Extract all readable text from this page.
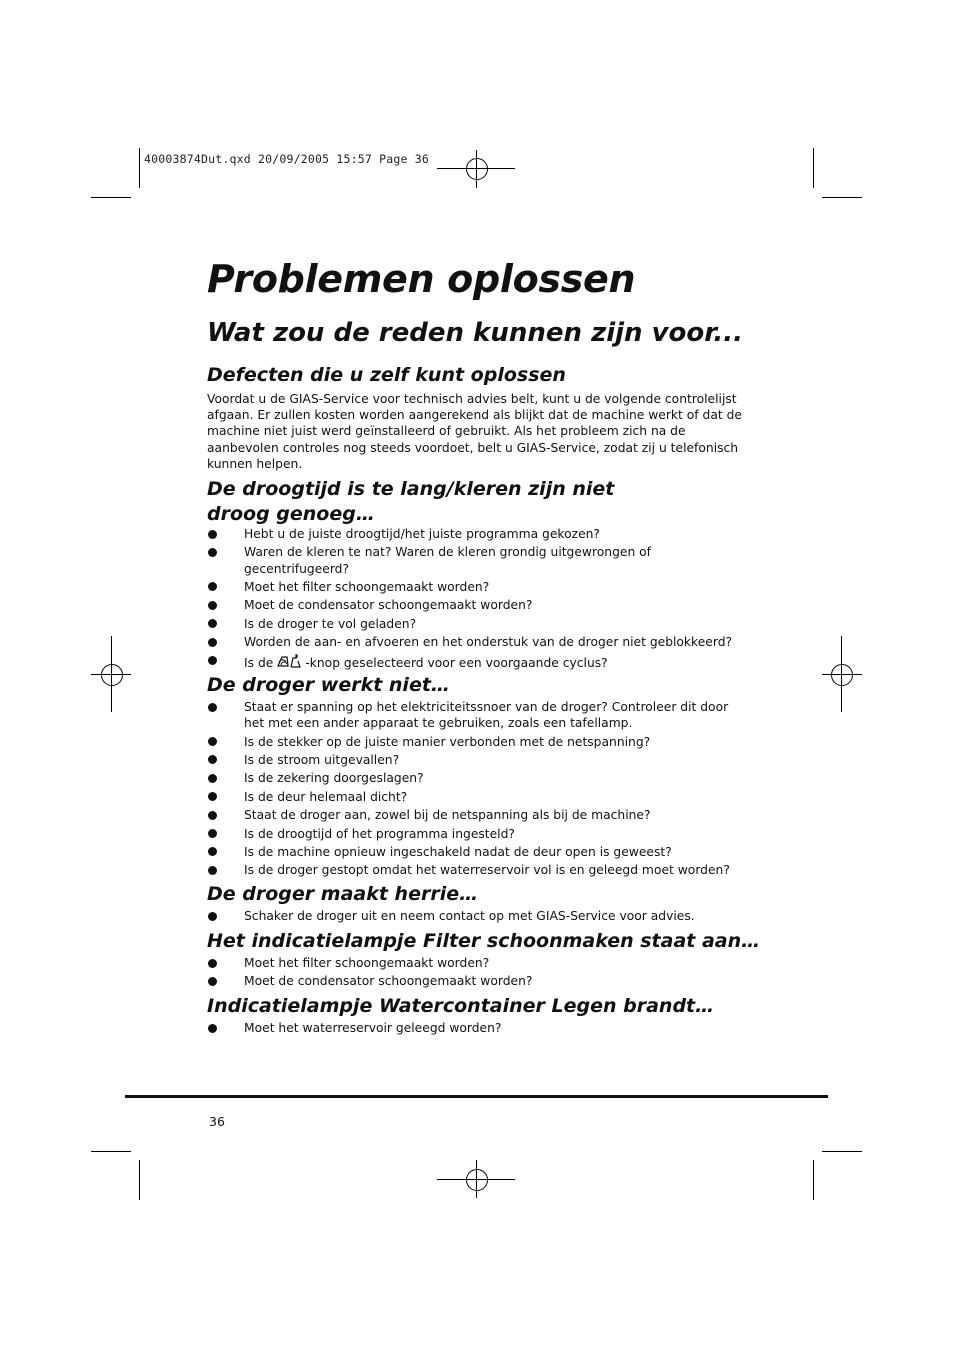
40003874Dut.qxd 20/09/2005 15:57 Page 36
Problemen oplossen
Wat zou de reden kunnen zijn voor...
Defecten die u zelf kunt oplossen

Voordat u de GIAS-Service voor technisch advies belt, kunt u de volgende controlelijst afgaan. Er zullen kosten worden aangerekend als blijkt dat de machine werkt of dat de machine niet juist werd geïnstalleerd of gebruikt. Als het probleem zich na de aanbevolen controles nog steeds voordoet, belt u GIAS-Service, zodat zij u telefonisch kunnen helpen.

De droogtijd is te lang/kleren zijn niet droog genoeg…
Hebt u de juiste droogtijd/het juiste programma gekozen?
Waren de kleren te nat? Waren de kleren grondig uitgewrongen of gecentrifugeerd?
Moet het filter schoongemaakt worden?
Moet de condensator schoongemaakt worden?
Is de droger te vol geladen?
Worden de aan- en afvoeren en het onderstuk van de droger niet geblokkeerd?
Is de	-knop geselecteerd voor een voorgaande cyclus?
De droger werkt niet…
Staat er spanning op het elektriciteitssnoer van de droger? Controleer dit door het met een ander apparaat te gebruiken, zoals een tafellamp.
Is de stekker op de juiste manier verbonden met de netspanning?
Is de stroom uitgevallen?
Is de zekering doorgeslagen?
Is de deur helemaal dicht?
Staat de droger aan, zowel bij de netspanning als bij de machine?
Is de droogtijd of het programma ingesteld?
Is de machine opnieuw ingeschakeld nadat de deur open is geweest?
Is de droger gestopt omdat het waterreservoir vol is en geleegd moet worden?
De droger maakt herrie…
Schaker de droger uit en neem contact op met GIAS-Service voor advies.
Het indicatielampje Filter schoonmaken staat aan…
Moet het filter schoongemaakt worden?
Moet de condensator schoongemaakt worden?
Indicatielampje Watercontainer Legen brandt…
Moet het waterreservoir geleegd worden?
36
